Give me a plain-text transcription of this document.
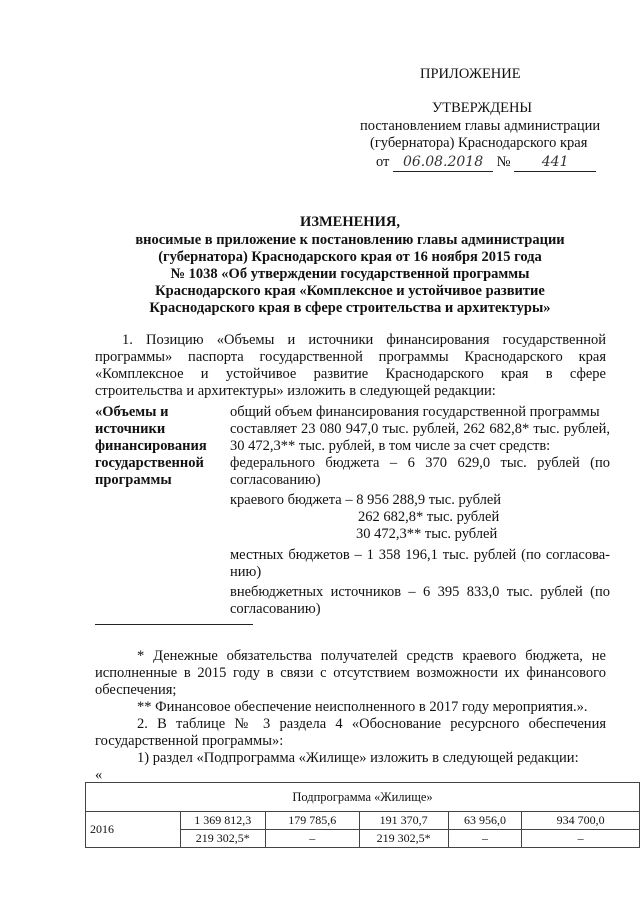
ПРИЛОЖЕНИЕ
УТВЕРЖДЕНЫ
постановлением главы администрации
(губернатора) Краснодарского края
от 06.08.2018 № 441
ИЗМЕНЕНИЯ,
вносимые в приложение к постановлению главы администрации
(губернатора) Краснодарского края от 16 ноября 2015 года
№ 1038 «Об утверждении государственной программы
Краснодарского края «Комплексное и устойчивое развитие
Краснодарского края в сфере строительства и архитектуры»
1. Позицию «Объемы и источники финансирования государственной
программы» паспорта государственной программы Краснодарского края
«Комплексное и устойчивое развитие Краснодарского края в сфере
строительства и архитектуры» изложить в следующей редакции:
«Объемы и
источники
финансирования
государственной
программы
общий объем финансирования государственной программы
составляет 23 080 947,0 тыс. рублей, 262 682,8* тыс. рублей,
30 472,3** тыс. рублей, в том числе за счет средств:
федерального бюджета – 6 370 629,0 тыс. рублей (по
согласованию)
краевого бюджета – 8 956 288,9 тыс. рублей
262 682,8* тыс. рублей
30 472,3** тыс. рублей
местных бюджетов – 1 358 196,1 тыс. рублей (по согласова-
нию)
внебюджетных источников – 6 395 833,0 тыс. рублей (по
согласованию)
* Денежные обязательства получателей средств краевого бюджета, не
исполненные в 2015 году в связи с отсутствием возможности их финансового
обеспечения;
** Финансовое обеспечение неисполненного в 2017 году мероприятия.».
2. В таблице № 3 раздела 4 «Обоснование ресурсного обеспечения
государственной программы»:
1) раздел «Подпрограмма «Жилище» изложить в следующей редакции:
«
Подпрограмма «Жилище»					
2016	1 369 812,3	179 785,6	191 370,7	63 956,0	934 700,0
	219 302,5*	–	219 302,5*	–	–
